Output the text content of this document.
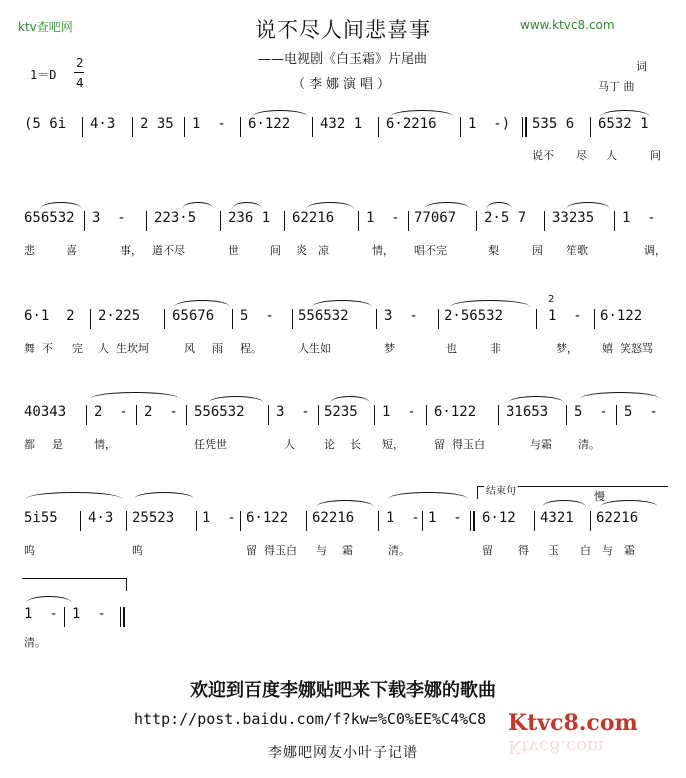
ktv查吧网	www.ktvc8.com
说不尽人间悲喜事
——电视剧《白玉霜》片尾曲
（李娜演唱）
词
马丁 曲
1＝D
2
4
(5 6i 4·3 2 35 1  - 6·122 432 1 6·2216 1  -) 535 6 6532 1
说不 尽 人	间
656532 3  - 223·5 236 1 62216 1  - 77067 2·5 7 33235 1  -
悲	喜	事， 道不尽	世	间 炎 凉	情， 唱不完	梨	园 笙歌	调，
6·1  2 2·225 65676 5  - 556532	3  - 2·56532	1  - 6·122
2
舞 不 完 人 生坎坷	风 雨 程。	人生如	梦	也	非	梦， 嬉 笑怒骂
40343 2  - 2  - 556532 3  - 5235 1  - 6·122 31653 5  - 5  -
都 是	情，	任凭世	人	论 长 短，	留 得玉白	与霜 清。
结束句	慢
5i55 4·3 25523 1  - 6·122 62216 1  - 1  - 6·12 4321 62216
呜	呜	留 得玉白 与 霜	清。	留 得 玉 白 与 霜
1  - 1  -
清。
欢迎到百度李娜贴吧来下载李娜的歌曲
http://post.baidu.com/f?kw=%C0%EE%C4%C8
李娜吧网友小叶子记谱
Ktvc8.com
Ktvc8.com
